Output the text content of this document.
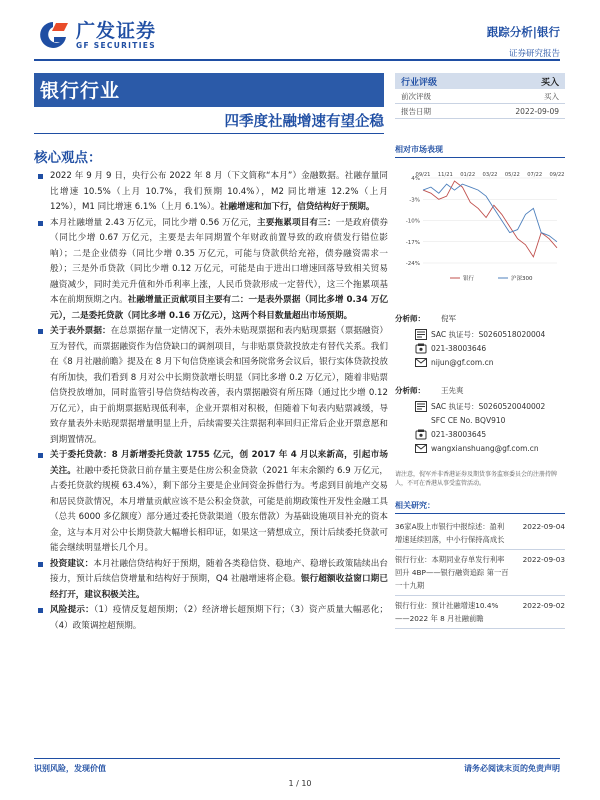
广发证券
GF SECURITIES
跟踪分析|银行
证券研究报告
银行行业
四季度社融增速有望企稳
核心观点：
2022 年 9 月 9 日，央行公布 2022 年 8 月（下文简称“本月”）金融数据。社融存量同比增速 10.5%（上月 10.7%，我们预期 10.4%），M2 同比增速 12.2%（上月 12%），M1 同比增速 6.1%（上月 6.1%）。社融增速和加下行，信贷结构好于预期。
本月社融增量 2.43 万亿元，同比少增 0.56 万亿元，主要拖累项目有三：一是政府债券（同比少增 0.67 万亿元，主要是去年同期置个年财政前置导致的政府债发行错位影响）；二是企业债券（同比少增 0.35 万亿元，可能与贷款供给充裕，债券融资需求一般）；三是外币贷款（同比少增 0.12 万亿元，可能是由于进出口增速回落导致相关贸易融资减少，同时美元升值和外币利率上涨，人民币贷款形成一定替代），这三个拖累项基本在前期预期之内。社融增量正贡献项目主要有二：一是表外票据（同比多增 0.34 万亿元），二是委托贷款（同比多增 0.16 万亿元），这两个科目数量超出市场预期。
关于表外票据：在总票据存量一定情况下，表外未贴现票据和表内贴现票据（票据融资）互为替代，而票据融资作为信贷缺口的调剂项目，与非贴票贷款投放走有替代关系。我们在《8 月社融前瞻》提及在 8 月下旬信贷座谈会和国务院常务会议后，银行实体贷款投放有所加快，我们看到 8 月对公中长期贷款增长明显（同比多增 0.2 万亿元），随着非贴票信贷投放增加，同时监管引导信贷结构改善，表内票据融资有所压降（通过比少增 0.12 万亿元），由于前期票据贴现低利率，企业开票相对积极，但随着下旬表内贴票减缓，导致存量表外未贴现票据增量明显上升，后续需要关注票据利率回归正常后企业开票意愿和到期置情况。
关于委托贷款：8 月新增委托贷款 1755 亿元，创 2017 年 4 月以来新高，引起市场关注。社融中委托贷款日前存量主要是住房公积金贷款（2021 年末余额约 6.9 万亿元，占委托贷款约规模 63.4%），剩下部分主要是企业间资金拆借行为。考虑到目前地产交易和居民贷款情况，本月增量贡献应该不是公积金贷款，可能是前期政策性开发性金融工具（总共 6000 多亿额度）部分通过委托贷款渠道（股东借款）为基础设施项目补充的资本金，这与本月对公中长期贷款大幅增长相印证，如果这一猜想成立，预计后续委托贷款可能会继续明显增长几个月。
投资建议：本月社融信贷结构好于预期，随着各类稳信贷、稳地产、稳增长政策陆续出台接力，预计后续信贷增量和结构好于预期，Q4 社融增速将企稳。银行超额收益窗口期已经打开，建议积极关注。
风险提示：（1）疫情反复超预期；（2）经济增长超预期下行；（3）资产质量大幅恶化；（4）政策调控超预期。
行业评级	买入
前次评级	买入
报告日期	2022-09-09
相对市场表现
4%
-3%
-10%
-17%
-24%
09/21 11/21 01/22 03/22 05/22 07/22 09/22
银行	沪深300
分析师： 倪军
SAC 执证号：S0260518020004
021-38003646
nijun@gf.com.cn
分析师： 王先爽
SAC 执证号：S0260520040002
SFC CE No. BQV910
021-38003645
wangxianshuang@gf.com.cn
请注意，倪军并非香港证券及期货事务监察委员会的注册持牌人，不可在香港从事受监管活动。
相关研究：
36家A股上市银行中报综述：盈利增速延续回落，中小行保持高成长
2022-09-04
银行行业：本期同业存单发行利率回升 4BP——银行融资追踪 第一百一十九期
2022-09-03
银行行业：预计社融增速10.4%——2022 年 8 月社融前瞻
2022-09-02
识别风险，发现价值	请务必阅读末页的免责声明
1 / 10
